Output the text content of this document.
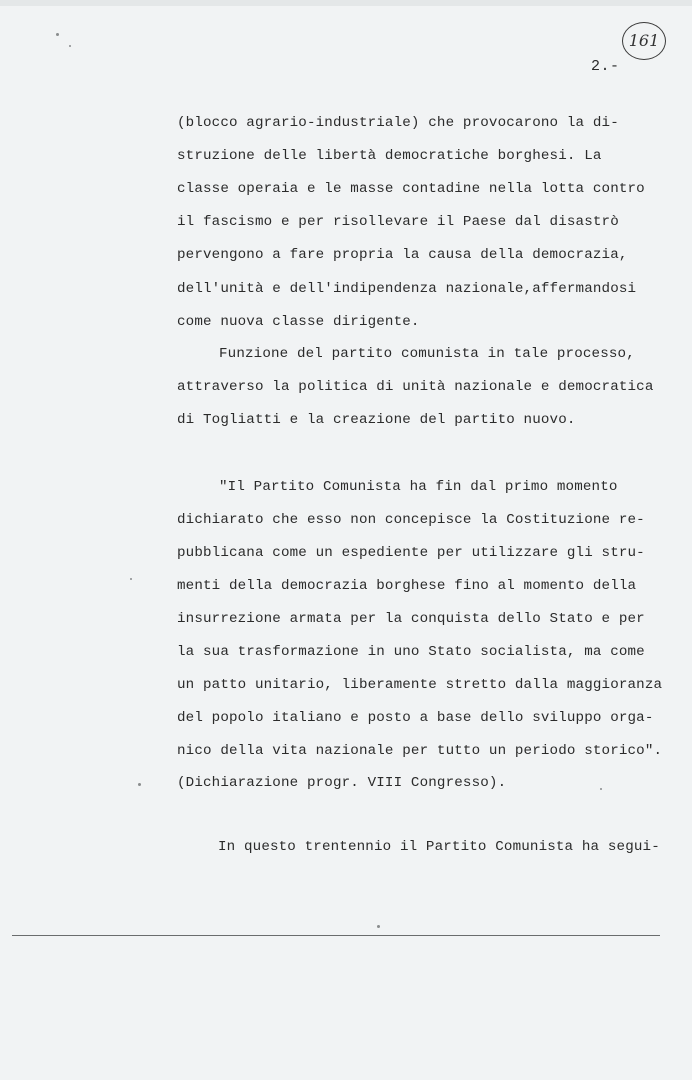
161
2.-
(blocco agrario-industriale) che provocarono la di-
struzione delle libertà democratiche borghesi. La
classe operaia e le masse contadine nella lotta contro
il fascismo e per risollevare il Paese dal disastrò
pervengono a fare propria la causa della democrazia,
dell'unità e dell'indipendenza nazionale,affermandosi
come nuova classe dirigente.
Funzione del partito comunista in tale processo,
attraverso la politica di unità nazionale e democratica
di Togliatti e la creazione del partito nuovo.
"Il Partito Comunista ha fin dal primo momento
dichiarato che esso non concepisce la Costituzione re-
pubblicana come un espediente per utilizzare gli stru-
menti della democrazia borghese fino al momento della
insurrezione armata per la conquista dello Stato e per
la sua trasformazione in uno Stato socialista, ma come
un patto unitario, liberamente stretto dalla maggioranza
del popolo italiano e posto a base dello sviluppo orga-
nico della vita nazionale per tutto un periodo storico".
(Dichiarazione progr. VIII Congresso).
In questo trentennio il Partito Comunista ha segui-
